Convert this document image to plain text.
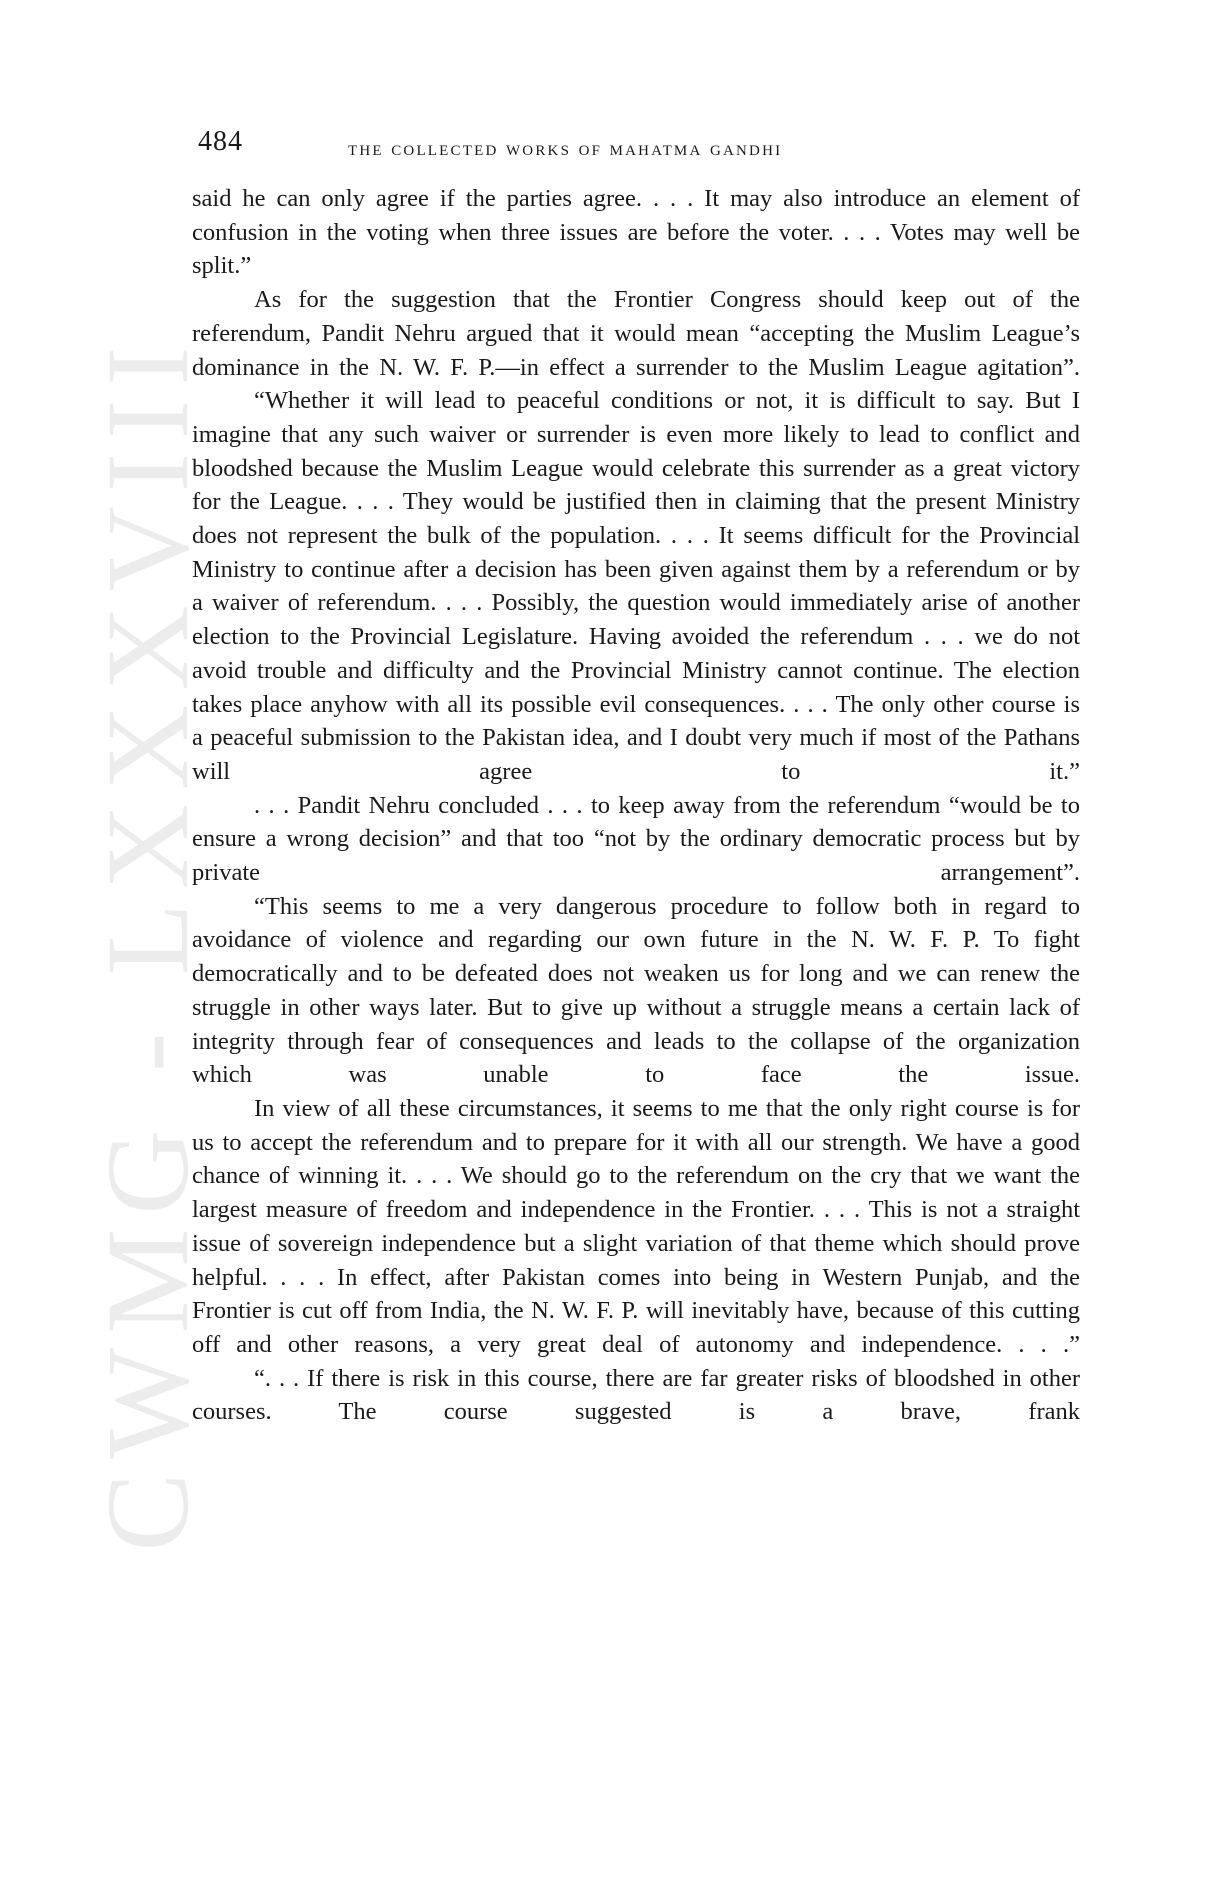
CWMG - LXXXVIII
484	the collected works of mahatma gandhi

said he can only agree if the parties agree. . . . It may also introduce an element of confusion in the voting when three issues are before the voter. . . . Votes may well be split.”

As for the suggestion that the Frontier Congress should keep out of the referendum, Pandit Nehru argued that it would mean “accepting the Muslim League’s dominance in the N. W. F. P.—in effect a surrender to the Muslim League agitation”.

“Whether it will lead to peaceful conditions or not, it is difficult to say. But I imagine that any such waiver or surrender is even more likely to lead to conflict and bloodshed because the Muslim League would celebrate this surrender as a great victory for the League. . . . They would be justified then in claiming that the present Ministry does not represent the bulk of the population. . . . It seems difficult for the Provincial Ministry to continue after a decision has been given against them by a referendum or by a waiver of referendum. . . . Possibly, the question would immediately arise of another election to the Provincial Legislature. Having avoided the referendum . . . we do not avoid trouble and difficulty and the Provincial Ministry cannot continue. The election takes place anyhow with all its possible evil consequences. . . . The only other course is a peaceful submission to the Pakistan idea, and I doubt very much if most of the Pathans will agree to it.”

. . . Pandit Nehru concluded . . . to keep away from the referendum “would be to ensure a wrong decision” and that too “not by the ordinary democratic process but by private arrangement”.

“This seems to me a very dangerous procedure to follow both in regard to avoidance of violence and regarding our own future in the N. W. F. P. To fight democratically and to be defeated does not weaken us for long and we can renew the struggle in other ways later. But to give up without a struggle means a certain lack of integrity through fear of consequences and leads to the collapse of the organization which was unable to face the issue.

In view of all these circumstances, it seems to me that the only right course is for us to accept the referendum and to prepare for it with all our strength. We have a good chance of winning it. . . . We should go to the referendum on the cry that we want the largest measure of freedom and independence in the Frontier. . . . This is not a straight issue of sovereign independence but a slight variation of that theme which should prove helpful. . . . In effect, after Pakistan comes into being in Western Punjab, and the Frontier is cut off from India, the N. W. F. P. will inevitably have, because of this cutting off and other reasons, a very great deal of autonomy and independence. . . .”

“. . . If there is risk in this course, there are far greater risks of bloodshed in other courses. The course suggested is a brave, frank
